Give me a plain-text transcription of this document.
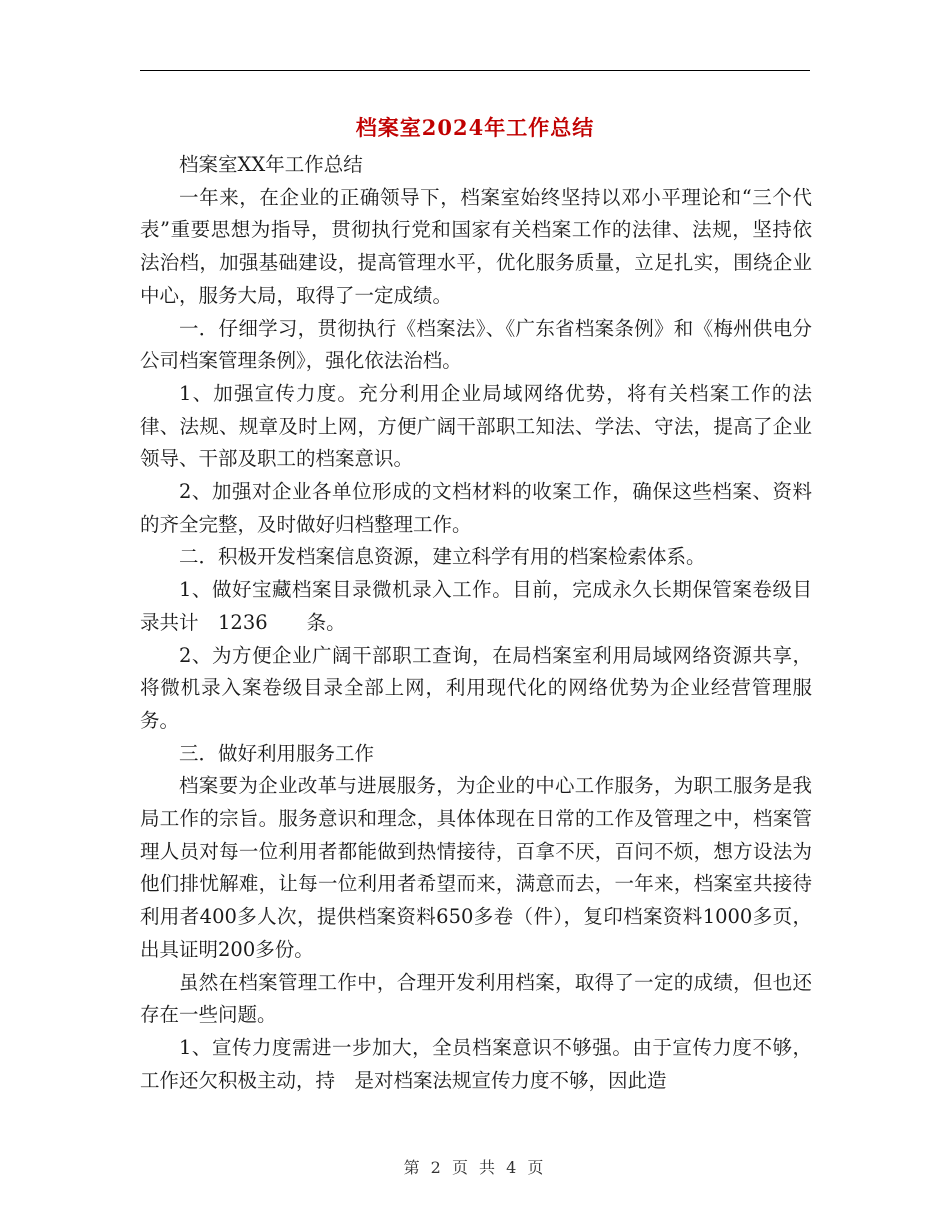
档案室2024年工作总结

档案室XX年工作总结

一年来，在企业的正确领导下，档案室始终坚持以邓小平理论和“三个代表”重要思想为指导，贯彻执行党和国家有关档案工作的法律、法规，坚持依法治档，加强基础建设，提高管理水平，优化服务质量，立足扎实，围绕企业中心，服务大局，取得了一定成绩。

一．仔细学习，贯彻执行《档案法》、《广东省档案条例》和《梅州供电分公司档案管理条例》，强化依法治档。

1、加强宣传力度。充分利用企业局域网络优势，将有关档案工作的法律、法规、规章及时上网，方便广阔干部职工知法、学法、守法，提高了企业领导、干部及职工的档案意识。

2、加强对企业各单位形成的文档材料的收案工作，确保这些档案、资料的齐全完整，及时做好归档整理工作。

二．积极开发档案信息资源，建立科学有用的档案检索体系。

1、做好宝藏档案目录微机录入工作。目前，完成永久长期保管案卷级目录共计　1236　　条。

2、为方便企业广阔干部职工查询，在局档案室利用局域网络资源共享，将微机录入案卷级目录全部上网，利用现代化的网络优势为企业经营管理服务。

三．做好利用服务工作

档案要为企业改革与进展服务，为企业的中心工作服务，为职工服务是我局工作的宗旨。服务意识和理念，具体体现在日常的工作及管理之中，档案管理人员对每一位利用者都能做到热情接待，百拿不厌，百问不烦，想方设法为他们排忧解难，让每一位利用者希望而来，满意而去，一年来，档案室共接待利用者400多人次，提供档案资料650多卷（件），复印档案资料1000多页，出具证明200多份。

虽然在档案管理工作中，合理开发利用档案，取得了一定的成绩，但也还存在一些问题。

1、宣传力度需进一步加大，全员档案意识不够强。由于宣传力度不够，工作还欠积极主动，持　是对档案法规宣传力度不够，因此造

第 2 页 共 4 页
